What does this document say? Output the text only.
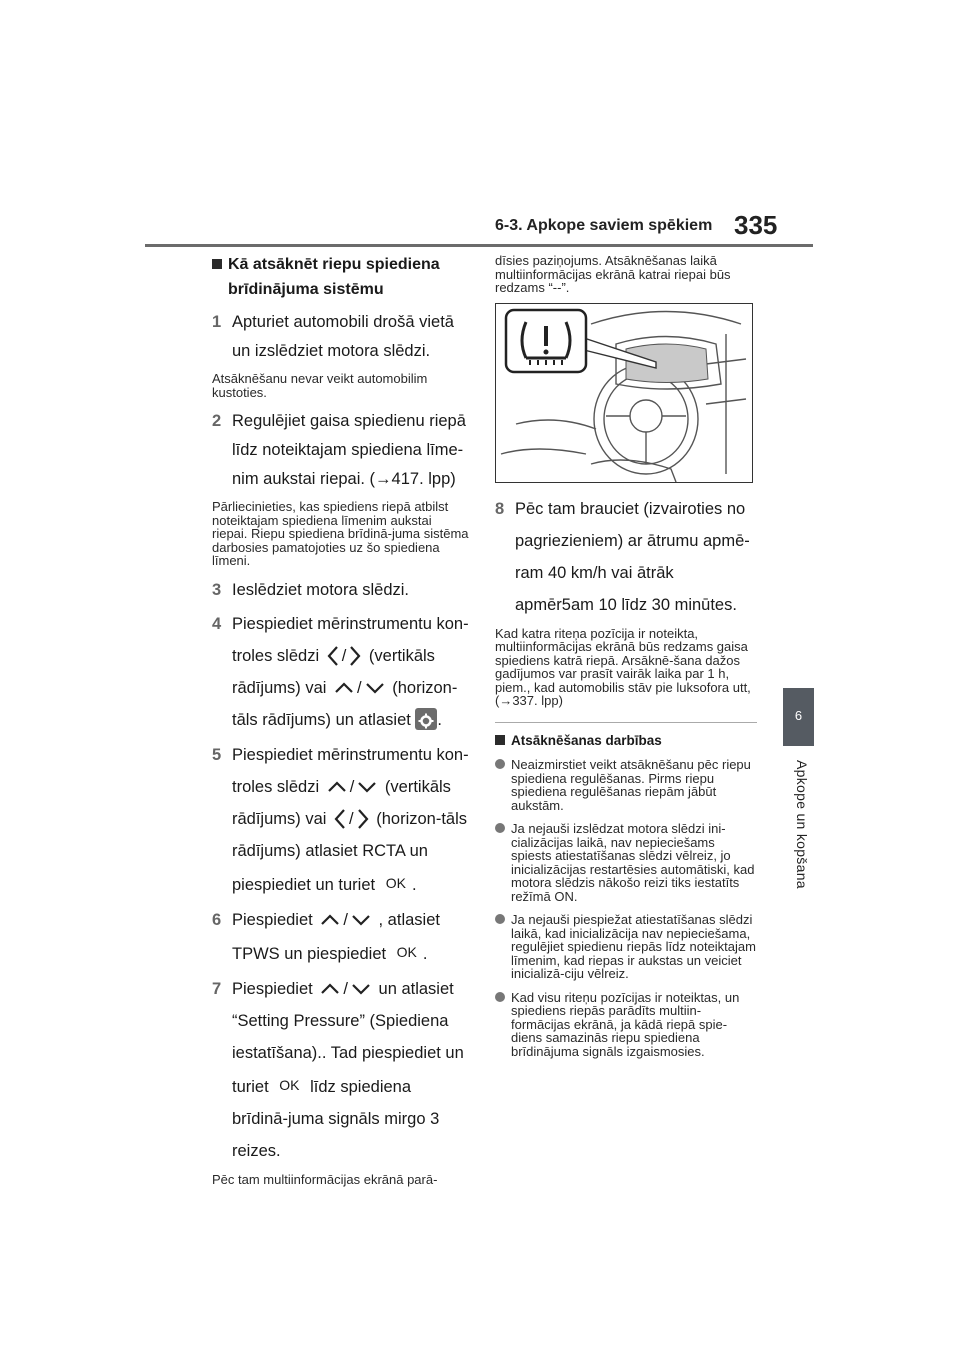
6-3. Apkope saviem spēkiem 335
6
Apkope un kopšana
Kā atsāknēt riepu spiediena brīdinājuma sistēmu
1 Apturiet automobili drošā vietā un izslēdziet motora slēdzi.
Atsāknēšanu nevar veikt automobilim kustoties.
2 Regulējiet gaisa spiedienu riepā līdz noteiktajam spiediena līme-nim aukstai riepai. (→417. lpp)
Pārliecinieties, kas spiediens riepā atbilst noteiktajam spiediena līmenim aukstai riepai. Riepu spiediena brīdinā-juma sistēma darbosies pamatojoties uz šo spiediena līmeni.
3 Ieslēdziet motora slēdzi.
4 Piespiediet mērinstrumentu kon-troles slēdzi / (vertikāls rādījums) vai / (horizon-tāls rādījums) un atlasiet .
5 Piespiediet mērinstrumentu kon-troles slēdzi / (vertikāls rādījums) vai / (horizon-tāls rādījums) atlasiet RCTA un piespiediet un turiet OK .
6 Piespiediet / , atlasiet TPWS un piespiediet OK .
7 Piespiediet / un atlasiet “Setting Pressure” (Spiediena iestatīšana).. Tad piespiediet un turiet OK līdz spiediena brīdinā-juma signāls mirgo 3 reizes.
Pēc tam multiinformācijas ekrānā parā-
dīsies paziņojums. Atsāknēšanas laikā multiinformācijas ekrānā katrai riepai būs redzams “--”.
8 Pēc tam brauciet (izvairoties no pagriezieniem) ar ātrumu apmē-ram 40 km/h vai ātrāk apmēr5am 10 līdz 30 minūtes.
Kad katra riteņa pozīcija ir noteikta, multiinformācijas ekrānā būs redzams gaisa spiediens katrā riepā. Arsāknē-šana dažos gadījumos var prasīt vairāk laika par 1 h, piem., kad automobilis stāv pie luksofora utt, (→337. lpp)
Atsāknēšanas darbības
Neaizmirstiet veikt atsāknēšanu pēc riepu spiediena regulēšanas. Pirms riepu spiediena regulēšanas riepām jābūt aukstām.
Ja nejauši izslēdzat motora slēdzi ini-cializācijas laikā, nav nepieciešams spiests atiestatīšanas slēdzi vēlreiz, jo inicializācijas restartēsies automātiski, kad motora slēdzis nākošo reizi tiks iestatīts režīmā ON.
Ja nejauši piespiežat atiestatīšanas slēdzi laikā, kad inicializācija nav nepieciešama, regulējiet spiedienu riepās līdz noteiktajam līmenim, kad riepas ir aukstas un veiciet inicializā-ciju vēlreiz.
Kad visu riteņu pozīcijas ir noteiktas, un spiediens riepās parādīts multiin-formācijas ekrānā, ja kādā riepā spie-diens samazinās riepu spiediena brīdinājuma signāls izgaismosies.
